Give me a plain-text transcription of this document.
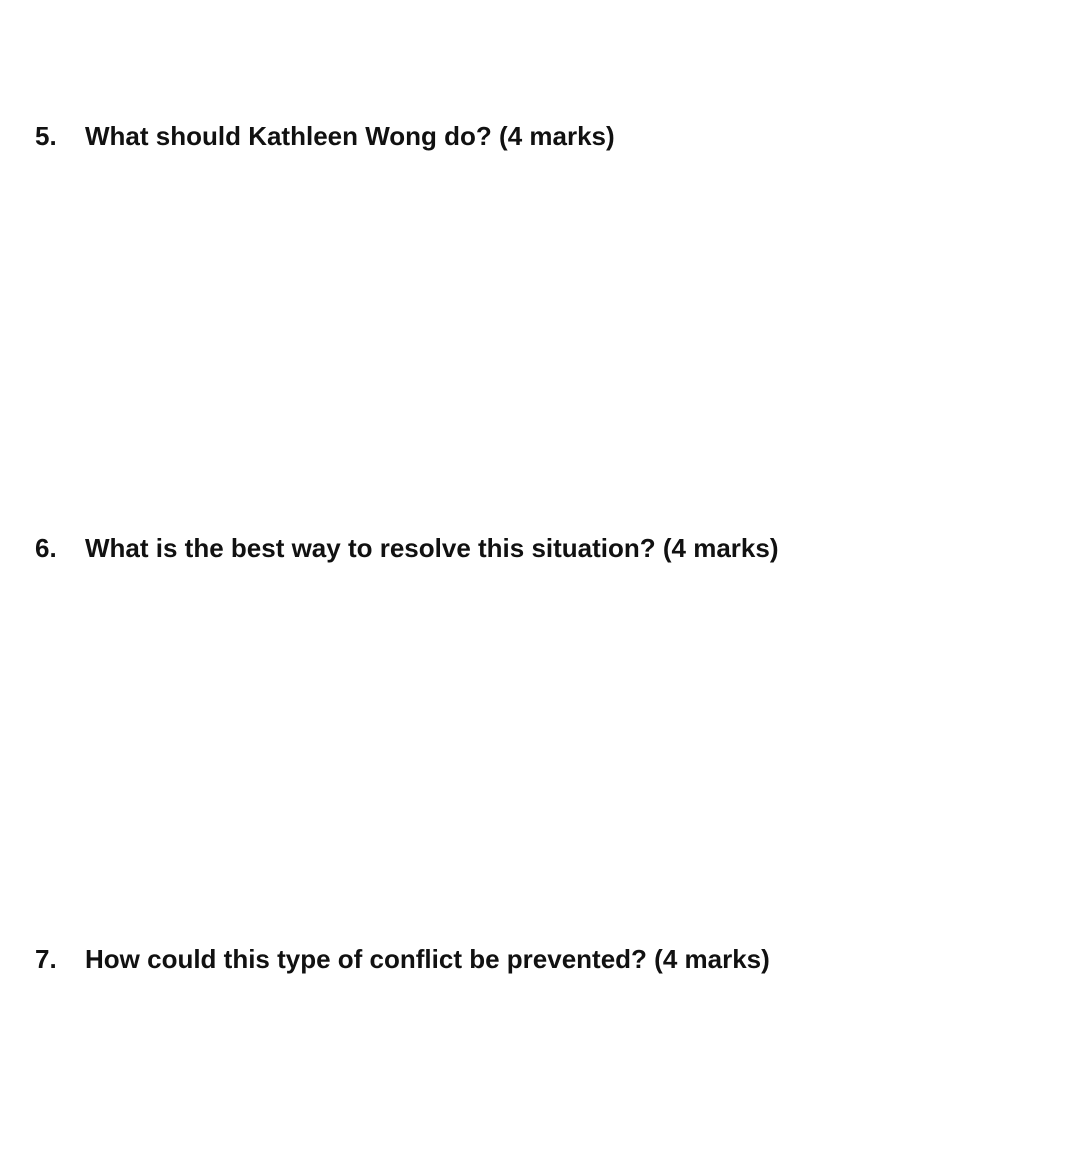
5.	What should Kathleen Wong do? (4 marks)
6.	What is the best way to resolve this situation? (4 marks)
7.	How could this type of conflict be prevented? (4 marks)
